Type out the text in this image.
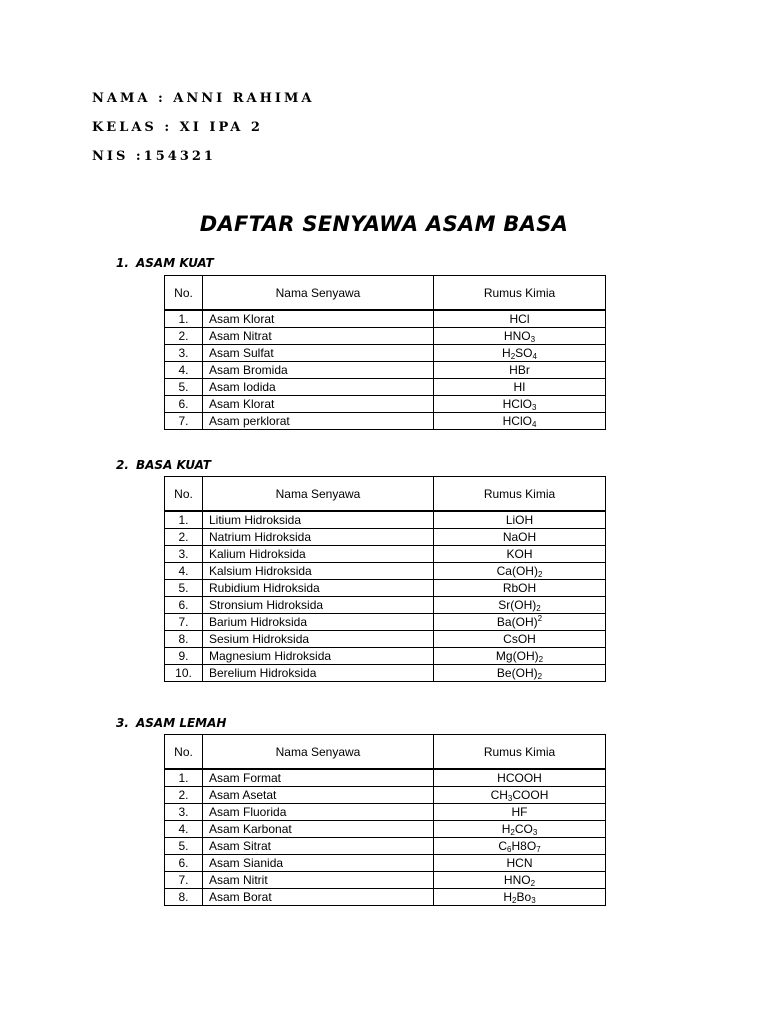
NAMA : ANNI RAHIMA
KELAS : XI IPA 2
NIS :154321
DAFTAR SENYAWA ASAM BASA
1. ASAM KUAT
No.	Nama Senyawa	Rumus Kimia
1.	Asam Klorat	HCl
2.	Asam Nitrat	$HNO_3$
3.	Asam Sulfat	$H_2SO_4$
4.	Asam Bromida	HBr
5.	Asam Iodida	HI
6.	Asam Klorat	HClO$_3$
7.	Asam perklorat	HClO$_4$
2. BASA KUAT
No.	Nama Senyawa	Rumus Kimia
1.	Litium Hidroksida	LiOH
2.	Natrium Hidroksida	NaOH
3.	Kalium Hidroksida	KOH
4.	Kalsium Hidroksida	$Ca(OH)_2$
5.	Rubidium Hidroksida	RbOH
6.	Stronsium Hidroksida	$Sr(OH)_2$
7.	Barium Hidroksida	Ba(OH)$^2$
8.	Sesium Hidroksida	CsOH
9.	Magnesium Hidroksida	$Mg(OH)_2$
10.	Berelium Hidroksida	$Be(OH)_2$
3. ASAM LEMAH
No.	Nama Senyawa	Rumus Kimia
1.	Asam Format	HCOOH
2.	Asam Asetat	$CH_3COOH$
3.	Asam Fluorida	HF
4.	Asam Karbonat	$H_2CO_3$
5.	Asam Sitrat	$C_6H8O_7$
6.	Asam Sianida	HCN
7.	Asam Nitrit	$HNO_2$
8.	Asam Borat	$H_2Bo_3$
